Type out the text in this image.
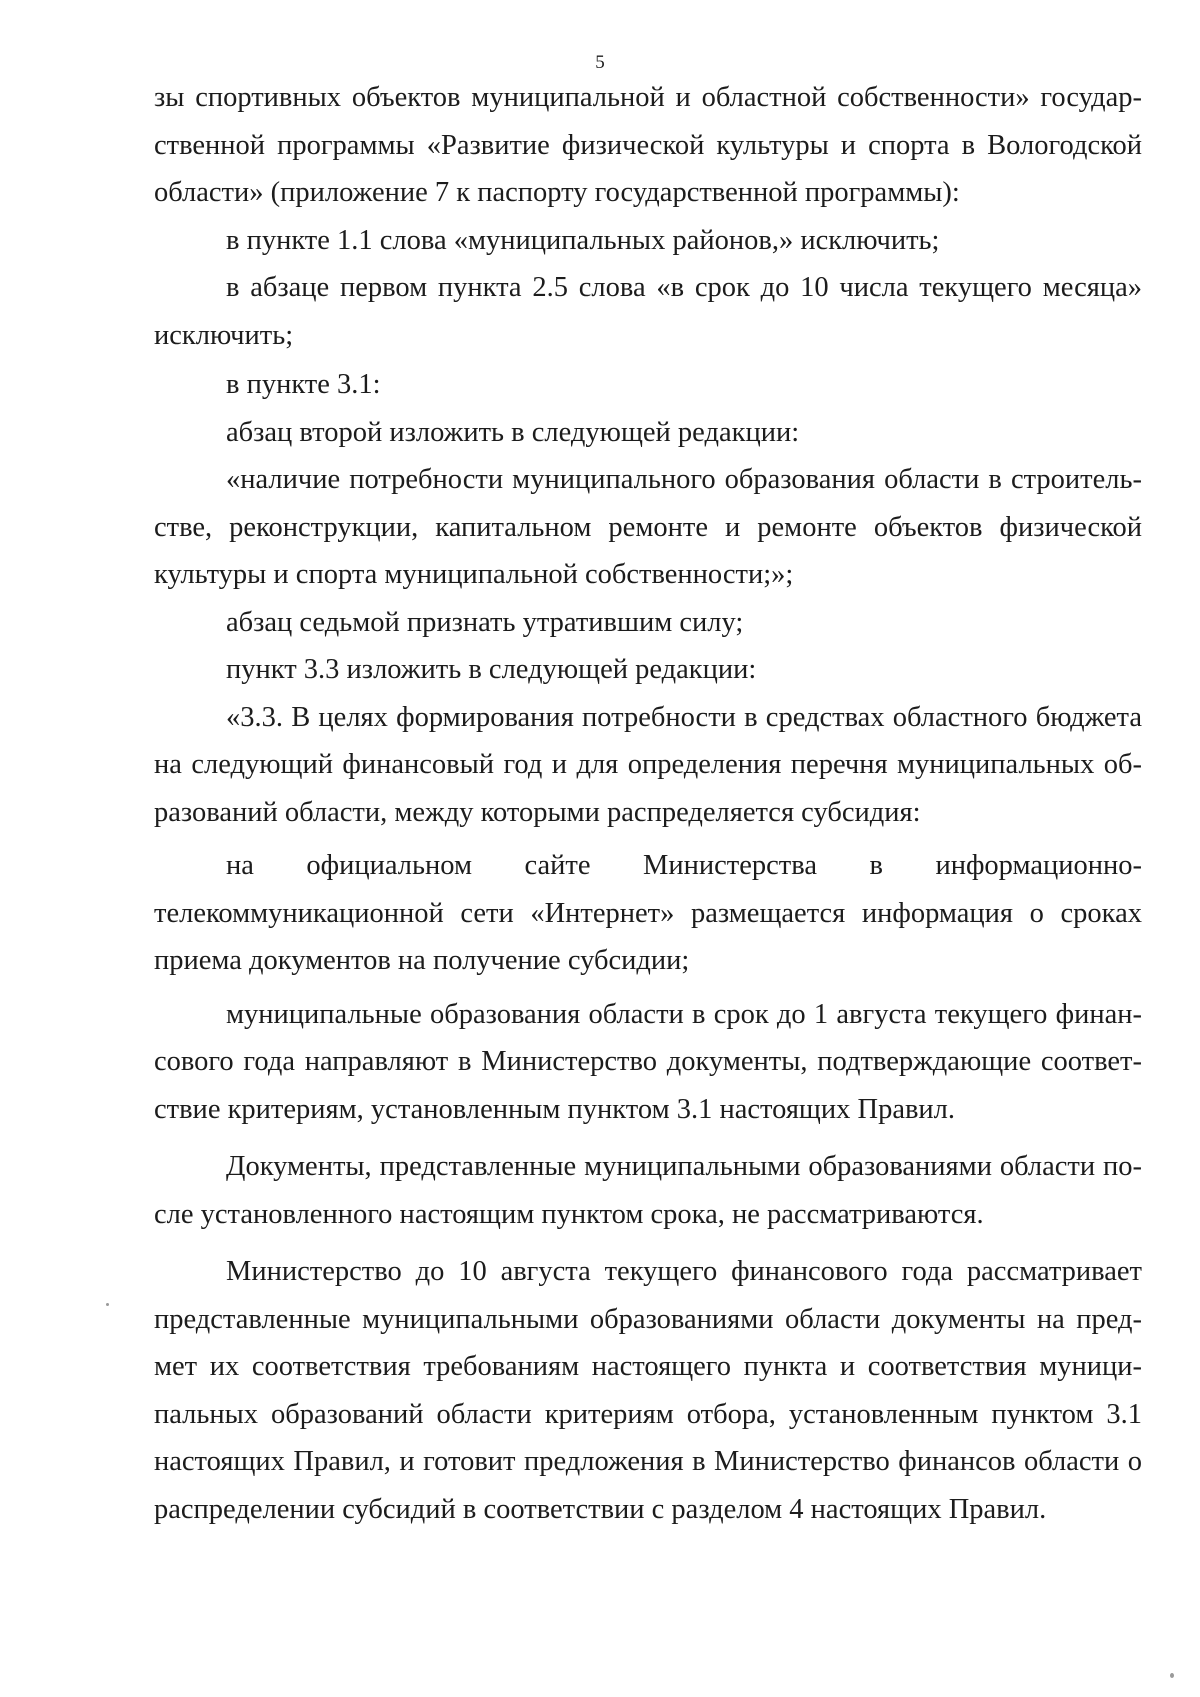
5
зы спортивных объектов муниципальной и областной собственности» государ-
ственной программы «Развитие физической культуры и спорта в Вологодской
области» (приложение 7 к паспорту государственной программы):
в пункте 1.1 слова «муниципальных районов,» исключить;
в абзаце первом пункта 2.5 слова «в срок до 10 числа текущего месяца»
исключить;
в пункте 3.1:
абзац второй изложить в следующей редакции:
«наличие потребности муниципального образования области в строитель-
стве, реконструкции, капитальном ремонте и ремонте объектов физической
культуры и спорта муниципальной собственности;»;
абзац седьмой признать утратившим силу;
пункт 3.3 изложить в следующей редакции:
«3.3. В целях формирования потребности в средствах областного бюджета
на следующий финансовый год и для определения перечня муниципальных об-
разований области, между которыми распределяется субсидия:
на официальном сайте Министерства в информационно-
телекоммуникационной сети «Интернет» размещается информация о сроках
приема документов на получение субсидии;
муниципальные образования области в срок до 1 августа текущего финан-
сового года направляют в Министерство документы, подтверждающие соответ-
ствие критериям, установленным пунктом 3.1 настоящих Правил.
Документы, представленные муниципальными образованиями области по-
сле установленного настоящим пунктом срока, не рассматриваются.
Министерство до 10 августа текущего финансового года рассматривает
представленные муниципальными образованиями области документы на пред-
мет их соответствия требованиям настоящего пункта и соответствия муници-
пальных образований области критериям отбора, установленным пунктом 3.1
настоящих Правил, и готовит предложения в Министерство финансов области о
распределении субсидий в соответствии с разделом 4 настоящих Правил.
